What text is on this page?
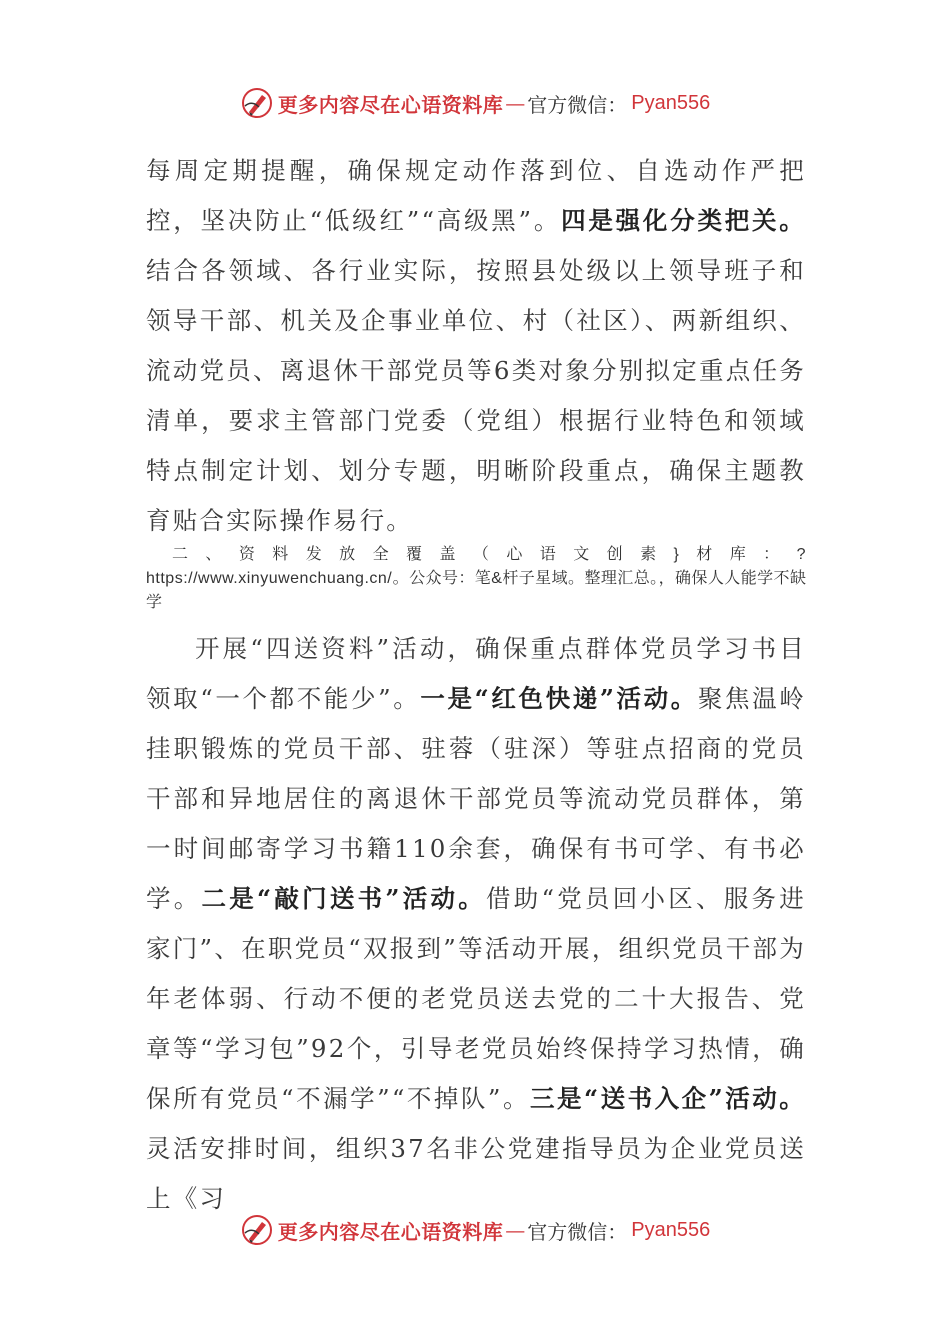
更多内容尽在心语资料库 — 官方微信： Pyan556
每周定期提醒，确保规定动作落到位、自选动作严把控，坚决防止“低级红”“高级黑”。四是强化分类把关。结合各领域、各行业实际，按照县处级以上领导班子和领导干部、机关及企事业单位、村（社区）、两新组织、流动党员、离退休干部党员等6类对象分别拟定重点任务清单，要求主管部门党委（党组）根据行业特色和领域特点制定计划、划分专题，明晰阶段重点，确保主题教育贴合实际操作易行。
二、资料发放全覆盖（心语文创素}材库：?https://www.xinyuwenchuang.cn/。公众号：笔&杆子星域。整理汇总。，确保人人能学不缺学
开展“四送资料”活动，确保重点群体党员学习书目领取“一个都不能少”。一是“红色快递”活动。聚焦温岭挂职锻炼的党员干部、驻蓉（驻深）等驻点招商的党员干部和异地居住的离退休干部党员等流动党员群体，第一时间邮寄学习书籍110余套，确保有书可学、有书必学。二是“敲门送书”活动。借助“党员回小区、服务进家门”、在职党员“双报到”等活动开展，组织党员干部为年老体弱、行动不便的老党员送去党的二十大报告、党章等“学习包”92个，引导老党员始终保持学习热情，确保所有党员“不漏学”“不掉队”。三是“送书入企”活动。灵活安排时间，组织37名非公党建指导员为企业党员送上《习
更多内容尽在心语资料库 — 官方微信： Pyan556
